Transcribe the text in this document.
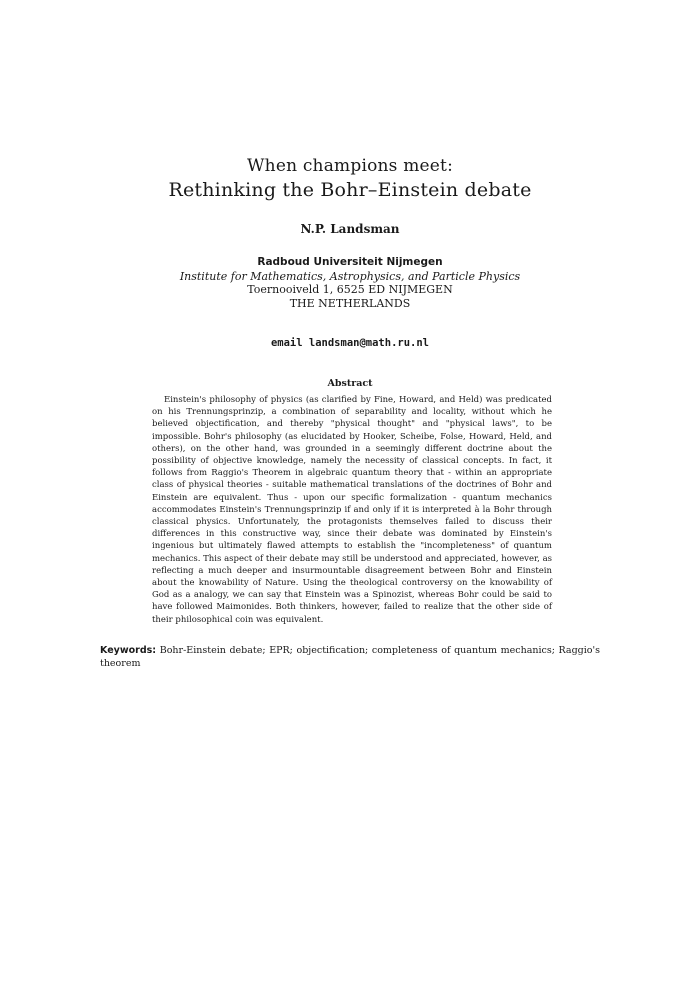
When champions meet:
Rethinking the Bohr–Einstein debate
N.P. Landsman
Radboud Universiteit Nijmegen
Institute for Mathematics, Astrophysics, and Particle Physics
Toernooiveld 1, 6525 ED NIJMEGEN
THE NETHERLANDS
email landsman@math.ru.nl
Abstract

Einstein's philosophy of physics (as clarified by Fine, Howard, and Held) was predicated on his Trennungsprinzip, a combination of separability and locality, without which he believed objectification, and thereby "physical thought" and "physical laws", to be impossible. Bohr's philosophy (as elucidated by Hooker, Scheibe, Folse, Howard, Held, and others), on the other hand, was grounded in a seemingly different doctrine about the possibility of objective knowledge, namely the necessity of classical concepts. In fact, it follows from Raggio's Theorem in algebraic quantum theory that - within an appropriate class of physical theories - suitable mathematical translations of the doctrines of Bohr and Einstein are equivalent. Thus - upon our specific formalization - quantum mechanics accommodates Einstein's Trennungsprinzip if and only if it is interpreted à la Bohr through classical physics. Unfortunately, the protagonists themselves failed to discuss their differences in this constructive way, since their debate was dominated by Einstein's ingenious but ultimately flawed attempts to establish the "incompleteness" of quantum mechanics. This aspect of their debate may still be understood and appreciated, however, as reflecting a much deeper and insurmountable disagreement between Bohr and Einstein about the knowability of Nature. Using the theological controversy on the knowability of God as a analogy, we can say that Einstein was a Spinozist, whereas Bohr could be said to have followed Maimonides. Both thinkers, however, failed to realize that the other side of their philosophical coin was equivalent.

Keywords: Bohr-Einstein debate; EPR; objectification; completeness of quantum mechanics; Raggio's theorem
